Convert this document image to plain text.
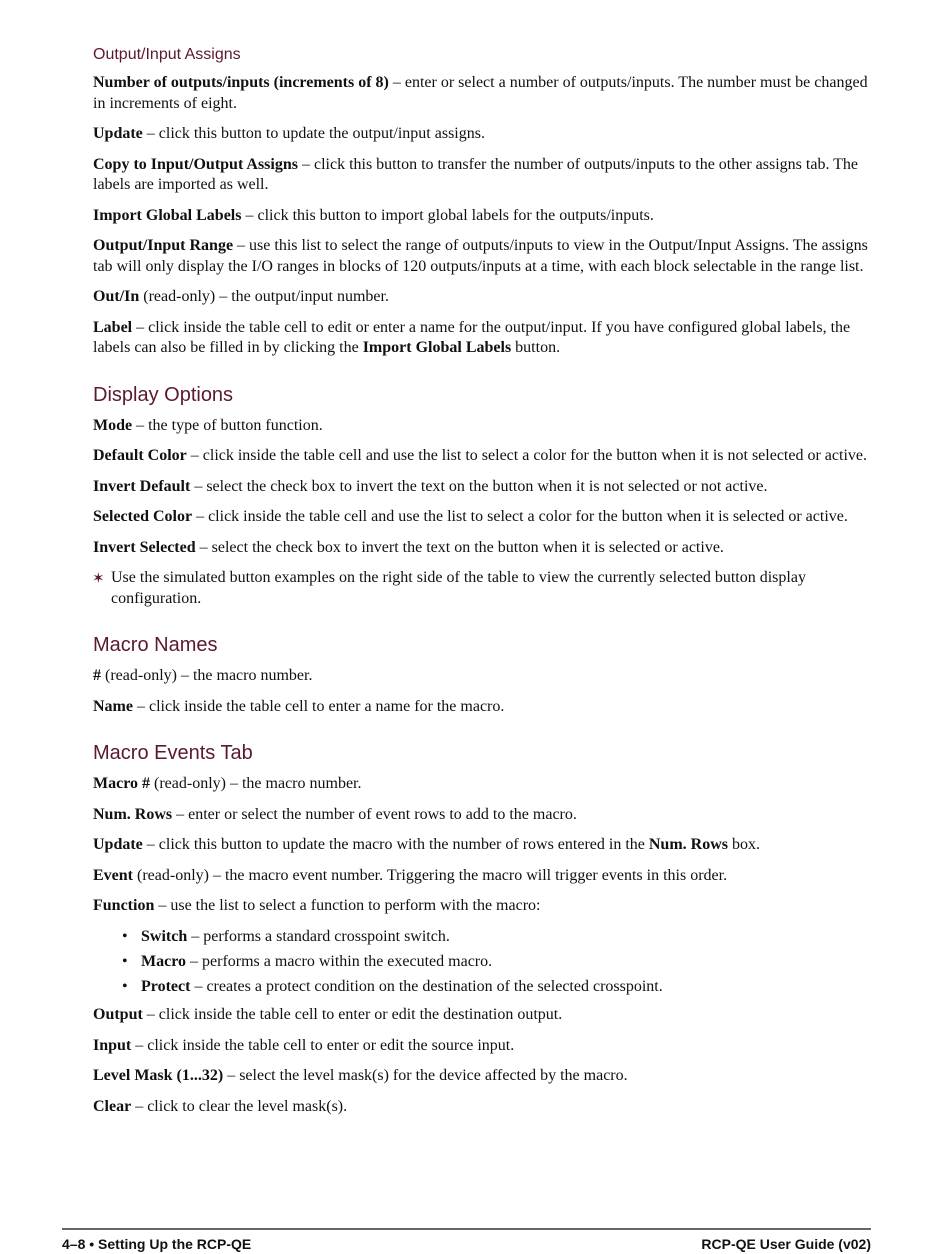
Output/Input Assigns

Number of outputs/inputs (increments of 8) – enter or select a number of outputs/inputs. The number must be changed in increments of eight.

Update – click this button to update the output/input assigns.

Copy to Input/Output Assigns – click this button to transfer the number of outputs/inputs to the other assigns tab. The labels are imported as well.

Import Global Labels – click this button to import global labels for the outputs/inputs.

Output/Input Range – use this list to select the range of outputs/inputs to view in the Output/Input Assigns. The assigns tab will only display the I/O ranges in blocks of 120 outputs/inputs at a time, with each block selectable in the range list.

Out/In (read-only) – the output/input number.

Label – click inside the table cell to edit or enter a name for the output/input. If you have configured global labels, the labels can also be filled in by clicking the Import Global Labels button.

Display Options

Mode – the type of button function.

Default Color – click inside the table cell and use the list to select a color for the button when it is not selected or active.

Invert Default – select the check box to invert the text on the button when it is not selected or not active.

Selected Color – click inside the table cell and use the list to select a color for the button when it is selected or active.

Invert Selected – select the check box to invert the text on the button when it is selected or active.

✶ Use the simulated button examples on the right side of the table to view the currently selected button display configuration.

Macro Names

# (read-only) – the macro number.

Name – click inside the table cell to enter a name for the macro.

Macro Events Tab

Macro # (read-only) – the macro number.

Num. Rows – enter or select the number of event rows to add to the macro.

Update – click this button to update the macro with the number of rows entered in the Num. Rows box.

Event (read-only) – the macro event number. Triggering the macro will trigger events in this order.

Function – use the list to select a function to perform with the macro:

• Switch – performs a standard crosspoint switch.
• Macro – performs a macro within the executed macro.
• Protect – creates a protect condition on the destination of the selected crosspoint.

Output – click inside the table cell to enter or edit the destination output.

Input – click inside the table cell to enter or edit the source input.

Level Mask (1...32) – select the level mask(s) for the device affected by the macro.

Clear – click to clear the level mask(s).

4–8 • Setting Up the RCP-QE	RCP-QE User Guide (v02)
